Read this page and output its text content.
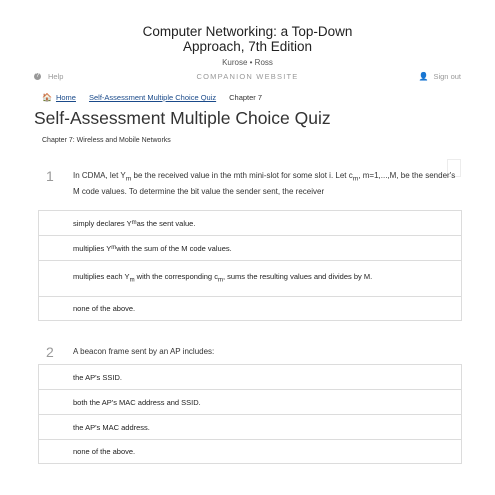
Computer Networking: a Top-Down
Approach, 7th Edition
Kurose • Ross
? Help	COMPANION WEBSITE	👤 Sign out
🏠 Home Self-Assessment Multiple Choice Quiz Chapter 7
Self-Assessment Multiple Choice Quiz
Chapter 7: Wireless and Mobile Networks
1 In CDMA, let $Y_m$ be the received value in the mth mini-slot for some slot i. Let $c_m$, m=1,...,M, be the sender's M code values. To determine the bit value the sender sent, the receiver
simply declares Y m as the sent value.
multiplies Y m with the sum of the M code values.
multiplies each $Y_m$ with the corresponding $c_m$, sums the resulting values and divides by M.
none of the above.
2 A beacon frame sent by an AP includes:
the AP's SSID.
both the AP's MAC address and SSID.
the AP's MAC address.
none of the above.
